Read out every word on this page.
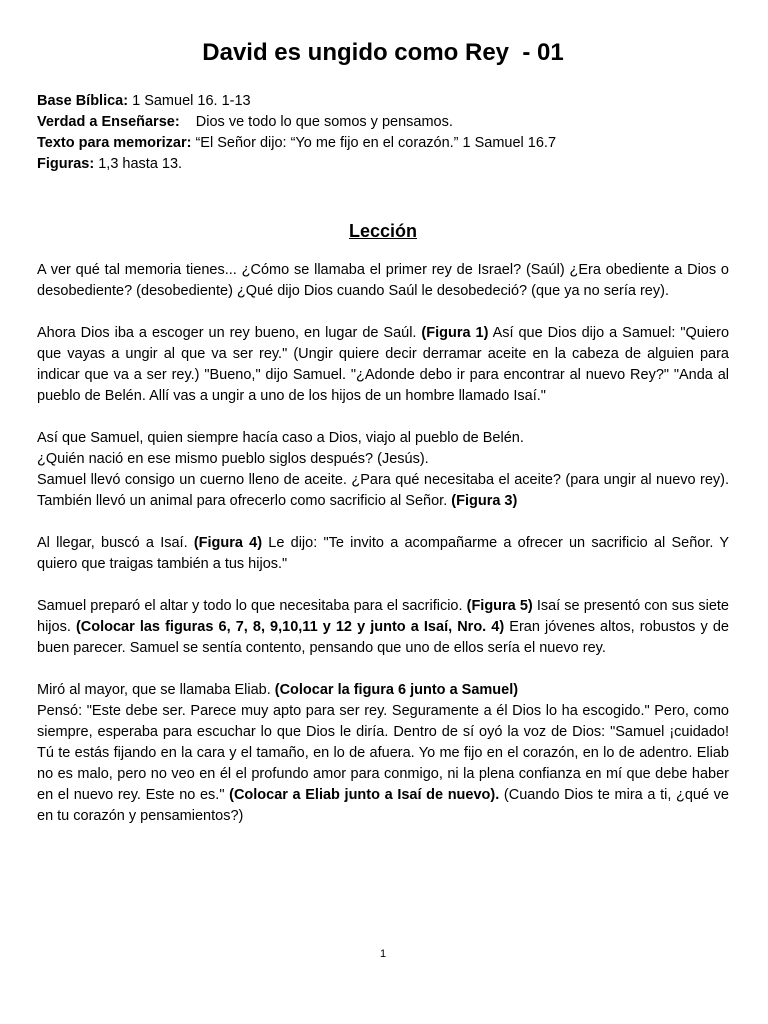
David es ungido como Rey  - 01
Base Bíblica: 1 Samuel 16. 1-13
Verdad a Enseñarse:    Dios ve todo lo que somos y pensamos.
Texto para memorizar: “El Señor dijo: “Yo me fijo en el corazón.” 1 Samuel 16.7
Figuras: 1,3 hasta 13.
Lección

A ver qué tal memoria tienes... ¿Cómo se llamaba el primer rey de Israel? (Saúl) ¿Era obediente a Dios o desobediente? (desobediente) ¿Qué dijo Dios cuando Saúl le desobedeció? (que ya no sería rey).

Ahora Dios iba a escoger un rey bueno, en lugar de Saúl. (Figura 1) Así que Dios dijo a Samuel: "Quiero que vayas a ungir al que va ser rey." (Ungir quiere decir derramar aceite en la cabeza de alguien para indicar que va a ser rey.) "Bueno," dijo Samuel. "¿Adonde debo ir para encontrar al nuevo Rey?" "Anda al pueblo de Belén. Allí vas a ungir a uno de los hijos de un hombre llamado Isaí."

Así que Samuel, quien siempre hacía caso a Dios, viajo al pueblo de Belén.
¿Quién nació en ese mismo pueblo siglos después? (Jesús).
Samuel llevó consigo un cuerno lleno de aceite. ¿Para qué necesitaba el aceite? (para ungir al nuevo rey). También llevó un animal para ofrecerlo como sacrificio al Señor. (Figura 3)

Al llegar, buscó a Isaí. (Figura 4) Le dijo: "Te invito a acompañarme a ofrecer un sacrificio al Señor. Y quiero que traigas también a tus hijos."

Samuel preparó el altar y todo lo que necesitaba para el sacrificio. (Figura 5) Isaí se presentó con sus siete hijos. (Colocar las figuras 6, 7, 8, 9,10,11 y 12 y junto a Isaí, Nro. 4) Eran jóvenes altos, robustos y de buen parecer. Samuel se sentía contento, pensando que uno de ellos sería el nuevo rey.

Miró al mayor, que se llamaba Eliab. (Colocar la figura 6 junto a Samuel)
Pensó: "Este debe ser. Parece muy apto para ser rey. Seguramente a él Dios lo ha escogido." Pero, como siempre, esperaba para escuchar lo que Dios le diría. Dentro de sí oyó la voz de Dios: "Samuel ¡cuidado! Tú te estás fijando en la cara y el tamaño, en lo de afuera. Yo me fijo en el corazón, en lo de adentro. Eliab no es malo, pero no veo en él el profundo amor para conmigo, ni la plena confianza en mí que debe haber en el nuevo rey. Este no es." (Colocar a Eliab junto a Isaí de nuevo). (Cuando Dios te mira a ti, ¿qué ve en tu corazón y pensamientos?)

1
